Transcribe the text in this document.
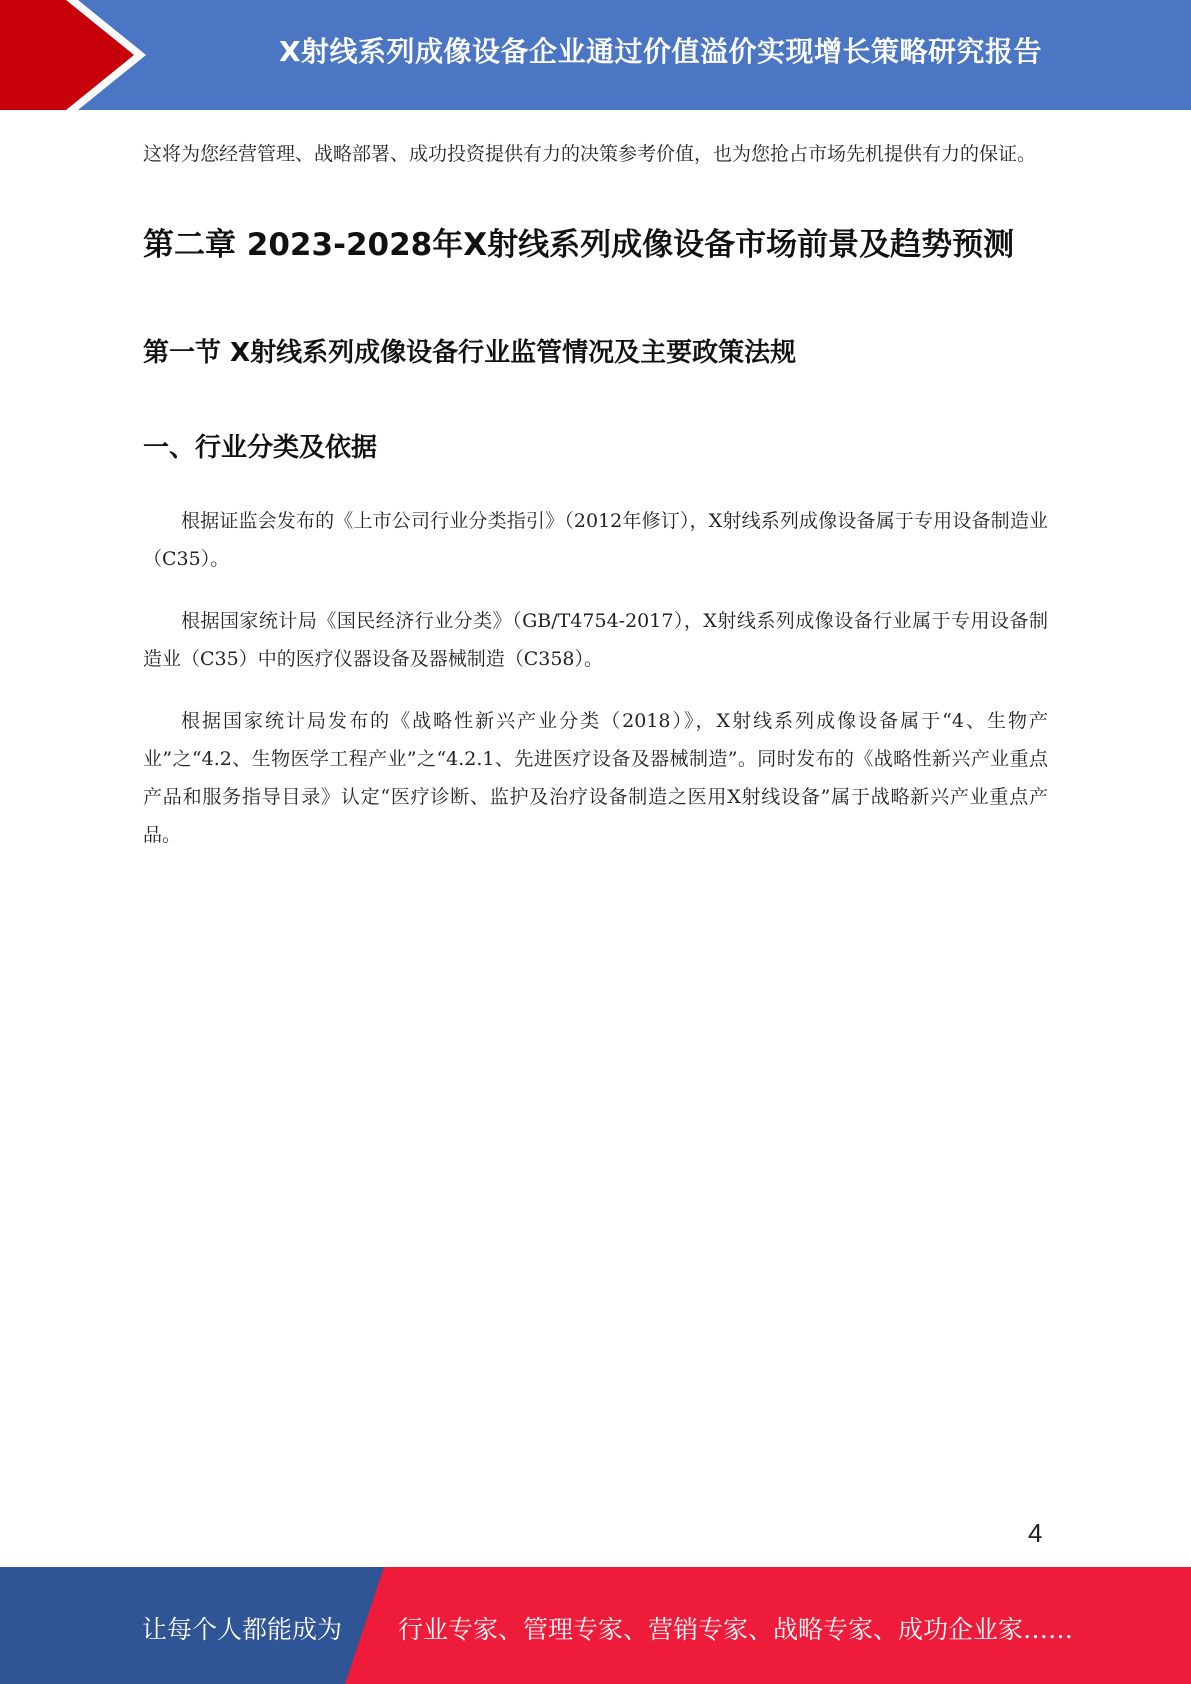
X射线系列成像设备企业通过价值溢价实现增长策略研究报告

这将为您经营管理、战略部署、成功投资提供有力的决策参考价值，也为您抢占市场先机提供有力的保证。

第二章 2023-2028年X射线系列成像设备市场前景及趋势预测
第一节 X射线系列成像设备行业监管情况及主要政策法规
一、行业分类及依据

根据证监会发布的《上市公司行业分类指引》（2012年修订），X射线系列成像设备属于专用设备制造业（C35）。

根据国家统计局《国民经济行业分类》（GB/T4754-2017），X射线系列成像设备行业属于专用设备制造业（C35）中的医疗仪器设备及器械制造（C358）。

根据国家统计局发布的《战略性新兴产业分类（2018）》，X射线系列成像设备属于“4、生物产业”之“4.2、生物医学工程产业”之“4.2.1、先进医疗设备及器械制造”。同时发布的《战略性新兴产业重点产品和服务指导目录》认定“医疗诊断、监护及治疗设备制造之医用X射线设备”属于战略新兴产业重点产品。

4
让每个人都能成为 行业专家、管理专家、营销专家、战略专家、成功企业家……
